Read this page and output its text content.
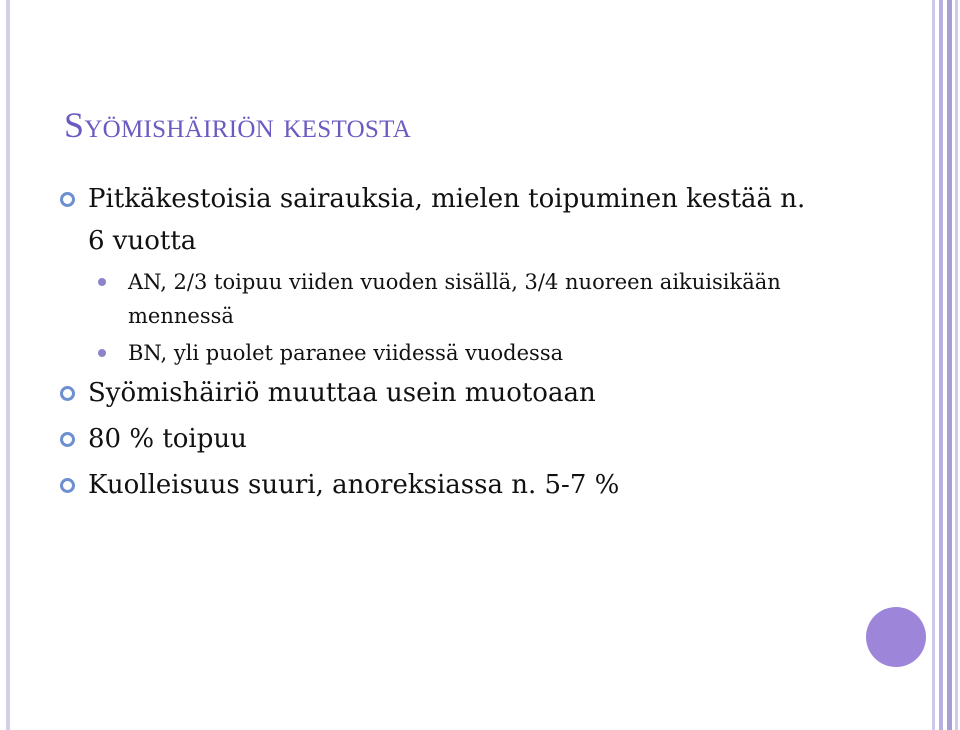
Syömishäiriön kestosta
Pitkäkestoisia sairauksia, mielen toipuminen kestää n. 6 vuotta
AN, 2/3 toipuu viiden vuoden sisällä, 3/4 nuoreen aikuisikään mennessä
BN, yli puolet paranee viidessä vuodessa
Syömishäiriö muuttaa usein muotoaan
80 % toipuu
Kuolleisuus suuri, anoreksiassa n. 5-7 %
